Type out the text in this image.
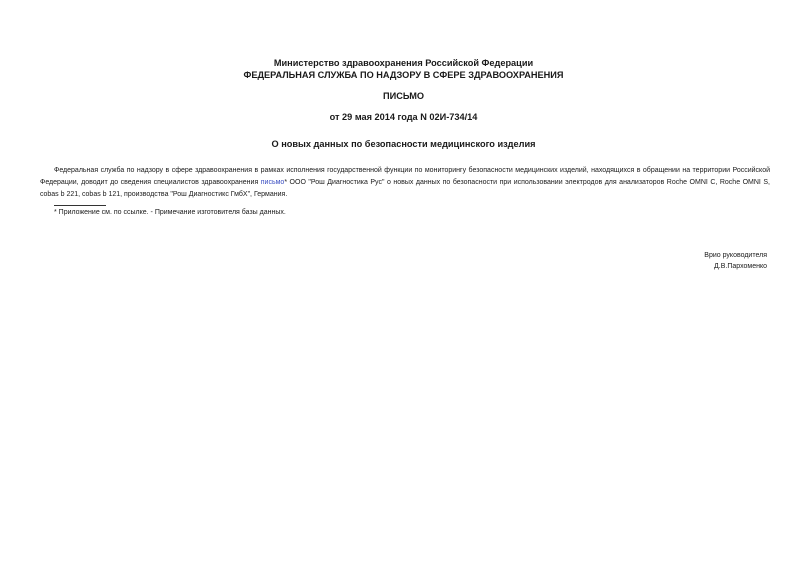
Министерство здравоохранения Российской Федерации
ФЕДЕРАЛЬНАЯ СЛУЖБА ПО НАДЗОРУ В СФЕРЕ ЗДРАВООХРАНЕНИЯ
ПИСЬМО
от 29 мая 2014 года N 02И-734/14
О новых данных по безопасности медицинского изделия
Федеральная служба по надзору в сфере здравоохранения в рамках исполнения государственной функции по мониторингу безопасности медицинских изделий, находящихся в обращении на территории Российской Федерации, доводит до сведения специалистов здравоохранения письмо* ООО "Рош Диагностика Рус" о новых данных по безопасности при использовании электродов для анализаторов Roche OMNI C, Roche OMNI S, cobas b 221, cobas b 121, производства "Рош Диагностикс ГмбХ", Германия.
* Приложение см. по ссылке. - Примечание изготовителя базы данных.
Врио руководителя
Д.В.Пархоменко
